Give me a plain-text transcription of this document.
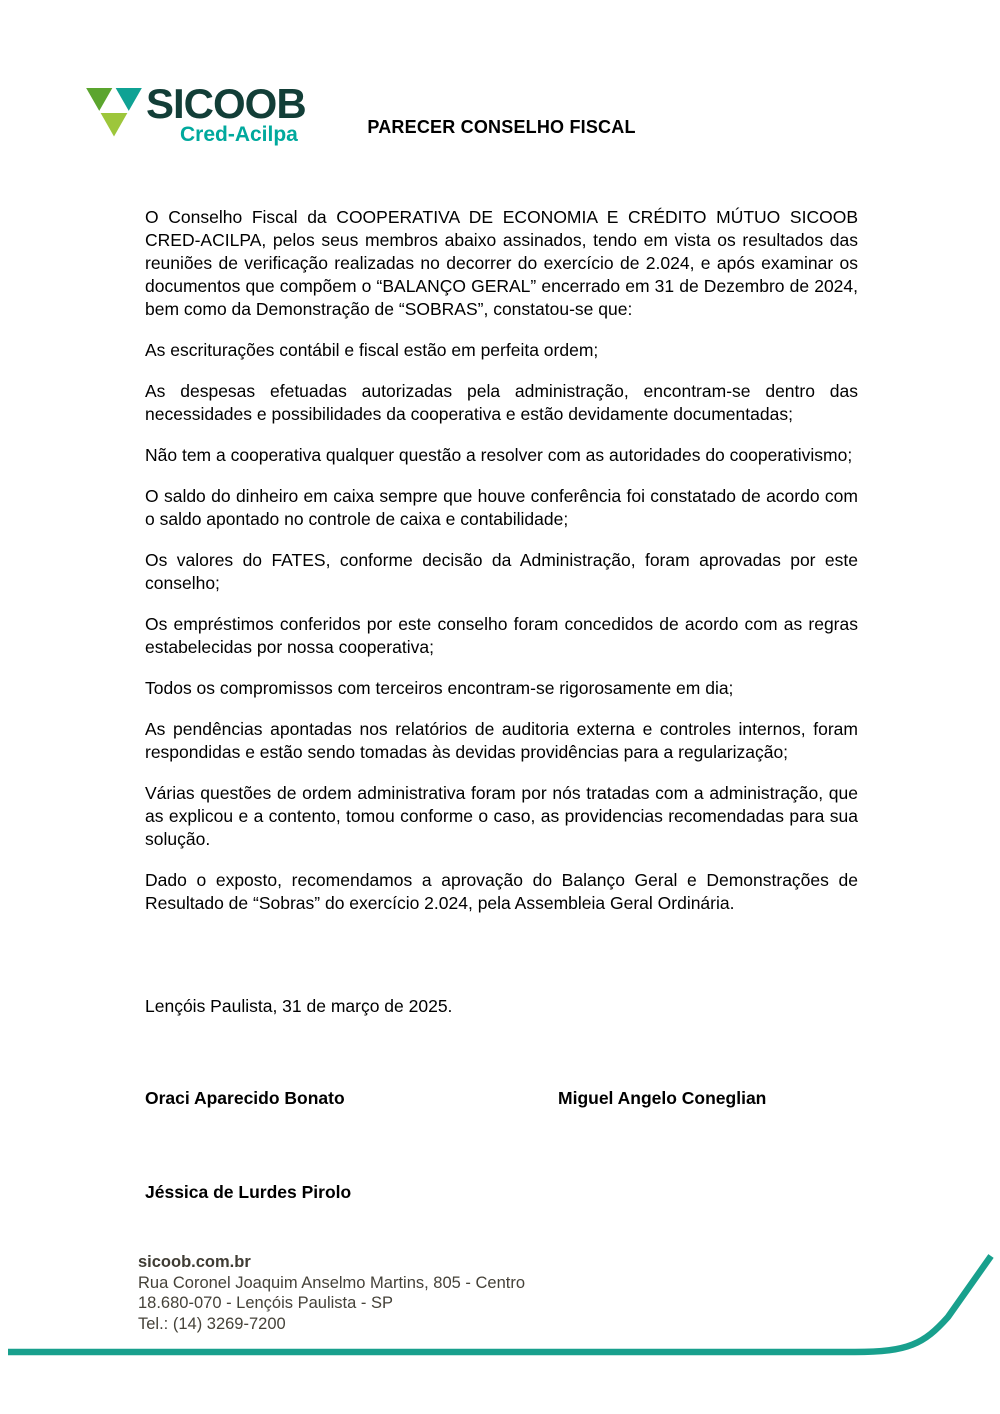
SICOOB
Cred-Acilpa	PARECER CONSELHO FISCAL

O Conselho Fiscal da COOPERATIVA DE ECONOMIA E CRÉDITO MÚTUO SICOOB CRED-ACILPA, pelos seus membros abaixo assinados, tendo em vista os resultados das reuniões de verificação realizadas no decorrer do exercício de 2.024, e após examinar os documentos que compõem o “BALANÇO GERAL” encerrado em 31 de Dezembro de 2024, bem como da Demonstração de “SOBRAS”, constatou-se que:

As escriturações contábil e fiscal estão em perfeita ordem;

As despesas efetuadas autorizadas pela administração, encontram-se dentro das necessidades e possibilidades da cooperativa e estão devidamente documentadas;

Não tem a cooperativa qualquer questão a resolver com as autoridades do cooperativismo;

O saldo do dinheiro em caixa sempre que houve conferência foi constatado de acordo com o saldo apontado no controle de caixa e contabilidade;

Os valores do FATES, conforme decisão da Administração, foram aprovadas por este conselho;

Os empréstimos conferidos por este conselho foram concedidos de acordo com as regras estabelecidas por nossa cooperativa;

Todos os compromissos com terceiros encontram-se rigorosamente em dia;

As pendências apontadas nos relatórios de auditoria externa e controles internos, foram respondidas e estão sendo tomadas às devidas providências para a regularização;

Várias questões de ordem administrativa foram por nós tratadas com a administração, que as explicou e a contento, tomou conforme o caso, as providencias recomendadas para sua solução.

Dado o exposto, recomendamos a aprovação do Balanço Geral e Demonstrações de Resultado de “Sobras” do exercício 2.024, pela Assembleia Geral Ordinária.

Lençóis Paulista, 31 de março de 2025.
Oraci Aparecido Bonato	Miguel Angelo Coneglian
Jéssica de Lurdes Pirolo
sicoob.com.br
Rua Coronel Joaquim Anselmo Martins, 805 - Centro
18.680-070 - Lençóis Paulista - SP
Tel.: (14) 3269-7200
